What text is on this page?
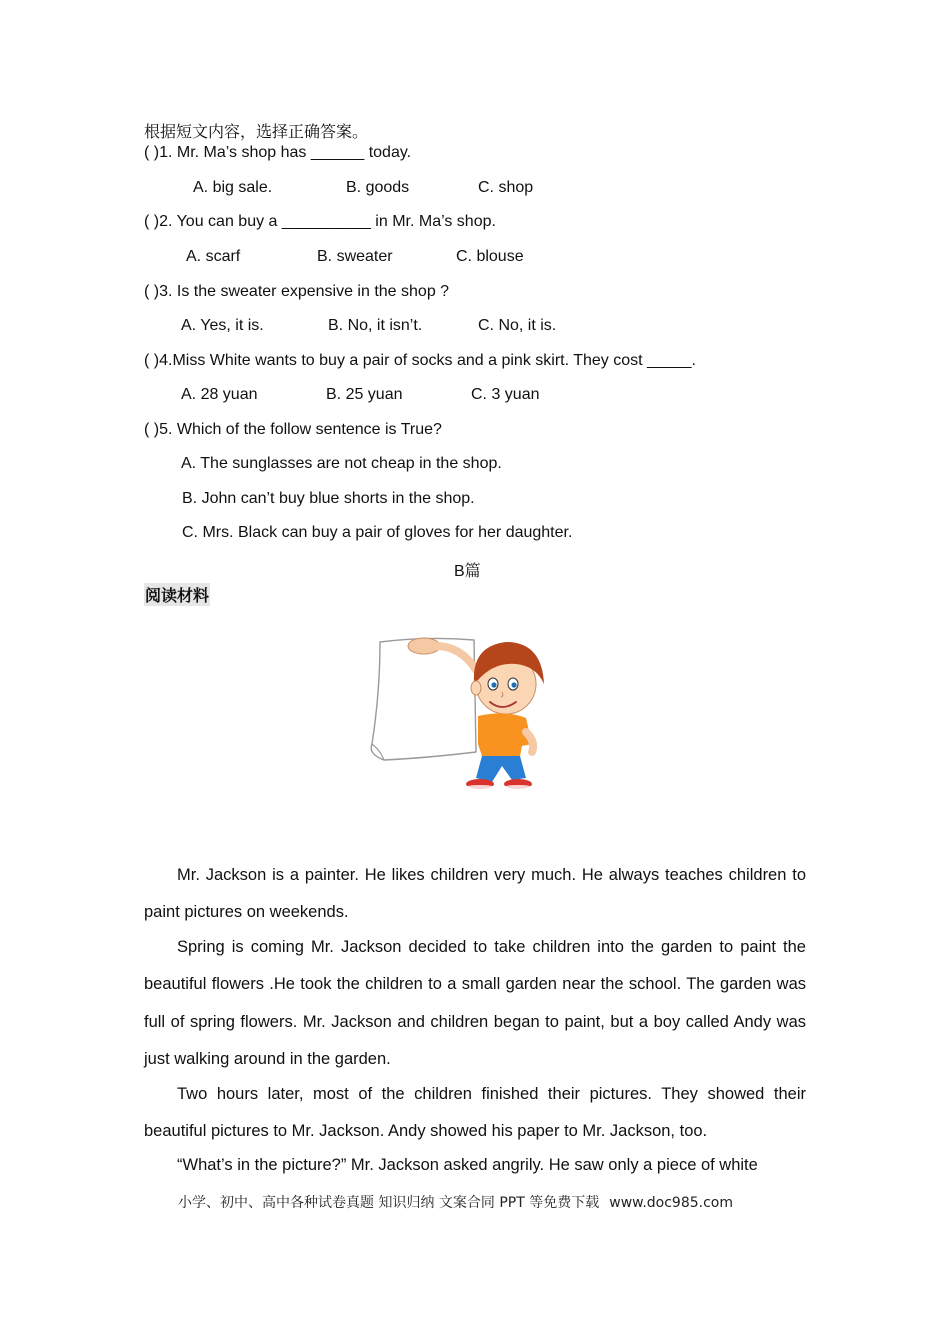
根据短文内容，选择正确答案。
( )1. Mr. Ma’s shop has ______ today.
A. big sale.	B. goods	C. shop
( )2. You can buy a __________ in Mr. Ma’s shop.
A. scarf	B. sweater	C. blouse
( )3. Is the sweater expensive in the shop ?
A. Yes, it is.	B. No, it isn’t.	C. No, it is.
( )4.Miss White wants to buy a pair of socks and a pink skirt. They cost _____.
A. 28 yuan	B. 25 yuan	C. 3 yuan
( )5. Which of the follow sentence is True?
A. The sunglasses are not cheap in the shop.
B. John can’t buy blue shorts in the shop.
C. Mrs. Black can buy a pair of gloves for her daughter.
B篇
阅读材料

Mr. Jackson is a painter. He likes children very much. He always teaches children to paint pictures on weekends.

Spring is coming Mr. Jackson decided to take children into the garden to paint the beautiful flowers .He took the children to a small garden near the school. The garden was full of spring flowers. Mr. Jackson and children began to paint, but a boy called Andy was just walking around in the garden.

Two hours later, most of the children finished their pictures. They showed their beautiful pictures to Mr. Jackson. Andy showed his paper to Mr. Jackson, too.

“What’s in the picture?” Mr. Jackson asked angrily. He saw only a piece of white

小学、初中、高中各种试卷真题 知识归纳 文案合同 PPT 等免费下载 www.doc985.com
